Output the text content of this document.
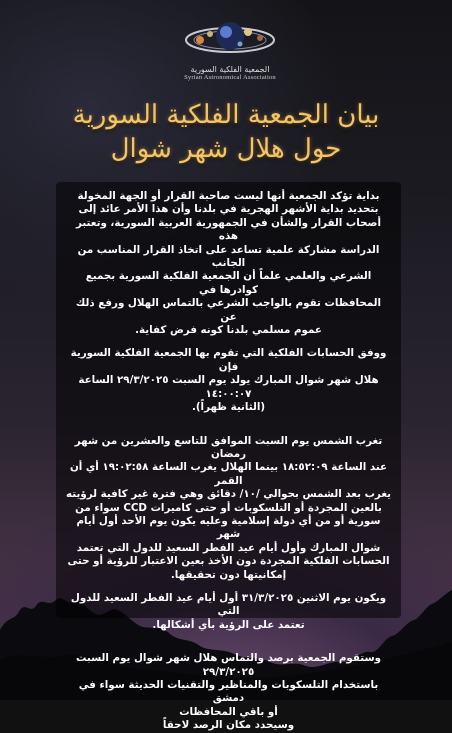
الجمعية الفلكية السورية
Syrian Astronomical Association
بيان الجمعية الفلكية السورية
حول هلال شهر شوال

بداية تؤكد الجمعية أنها ليست صاحبة القرار أو الجهة المخولة

بتحديد بداية الأشهر الهجرية في بلدنا وأن هذا الأمر عائد إلى

أصحاب القرار والشأن في الجمهورية العربية السورية، وتعتبر هذه

الدراسة مشاركة علمية تساعد على اتخاذ القرار المناسب من الجانب

الشرعي والعلمي علماً أن الجمعية الفلكية السورية بجميع كوادرها في

المحافظات تقوم بالواجب الشرعي بالتماس الهلال ورفع ذلك عن

عموم مسلمي بلدنا كونه فرض كفاية.

ووفق الحسابات الفلكية التي تقوم بها الجمعية الفلكية السورية فإن

هلال شهر شوال المبارك يولد يوم السبت ٢٩/٣/٢٠٢٥ الساعة ١٤:٠٠:٠٧

(الثانية ظهراً).

تغرب الشمس يوم السبت الموافق للتاسع والعشرين من شهر رمضان

عند الساعة ١٨:٥٢:٠٩ بينما الهلال يغرب الساعة ١٩:٠٢:٥٨ أي أن القمر

يغرب بعد الشمس بحوالي /١٠/ دقائق وهي فترة غير كافية لرؤيته

بالعين المجردة أو التلسكوبات أو حتى كاميرات CCD سواء من

سورية أو من أي دولة إسلامية وعليه يكون يوم الأحد أول أيام شهر

شوال المبارك وأول أيام عيد الفطر السعيد للدول التي تعتمد

الحسابات الفلكية المجردة دون الأخذ بعين الاعتبار للرؤية أو حتى

إمكانيتها دون تحقيقها.

ويكون يوم الاثنين ٣١/٣/٢٠٢٥ أول أيام عيد الفطر السعيد للدول التي

تعتمد على الرؤية بأي أشكالها.

وستقوم الجمعية برصد والتماس هلال شهر شوال يوم السبت

٢٩/٣/٢٠٢٥

باستخدام التلسكوبات والمناظير والتقنيات الحديثة سواء في دمشق

أو باقي المحافظات

وسيحدد مكان الرصد لاحقاً
